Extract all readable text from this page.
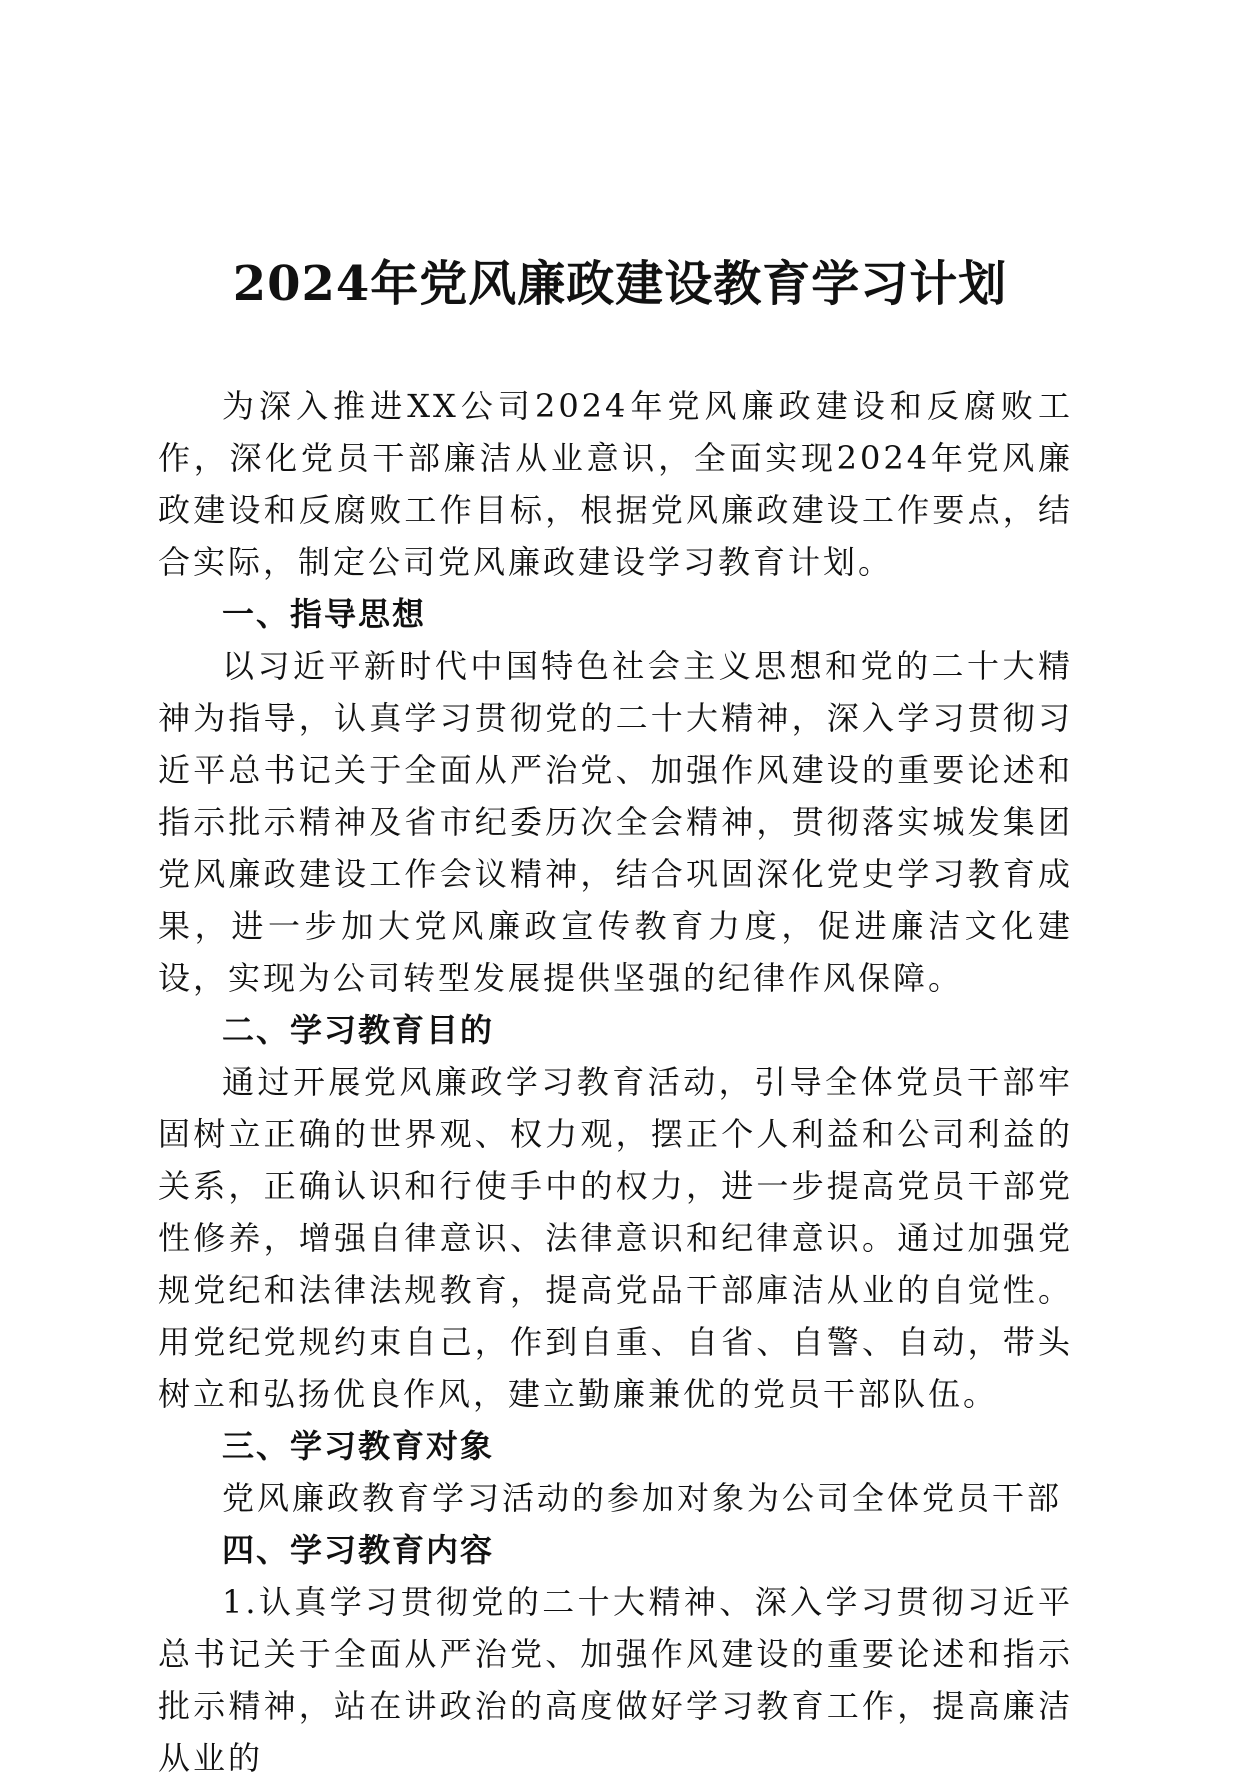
2024年党风廉政建设教育学习计划

为深入推进XX公司2024年党风廉政建设和反腐败工作，深化党员干部廉洁从业意识，全面实现2024年党风廉政建设和反腐败工作目标，根据党风廉政建设工作要点，结合实际，制定公司党风廉政建设学习教育计划。

一、指导思想

以习近平新时代中国特色社会主义思想和党的二十大精神为指导，认真学习贯彻党的二十大精神，深入学习贯彻习近平总书记关于全面从严治党、加强作风建设的重要论述和指示批示精神及省市纪委历次全会精神，贯彻落实城发集团党风廉政建设工作会议精神，结合巩固深化党史学习教育成果，进一步加大党风廉政宣传教育力度，促进廉洁文化建设，实现为公司转型发展提供坚强的纪律作风保障。

二、学习教育目的

通过开展党风廉政学习教育活动，引导全体党员干部牢固树立正确的世界观、权力观，摆正个人利益和公司利益的关系，正确认识和行使手中的权力，进一步提高党员干部党性修养，增强自律意识、法律意识和纪律意识。通过加强党规党纪和法律法规教育，提高党品干部庫洁从业的自觉性。用党纪党规约束自己，作到自重、自省、自警、自动，带头树立和弘扬优良作风，建立勤廉兼优的党员干部队伍。

三、学习教育对象

党风廉政教育学习活动的参加对象为公司全体党员干部

四、学习教育内容

1.认真学习贯彻党的二十大精神、深入学习贯彻习近平总书记关于全面从严治党、加强作风建设的重要论述和指示批示精神，站在讲政治的高度做好学习教育工作，提高廉洁从业的
